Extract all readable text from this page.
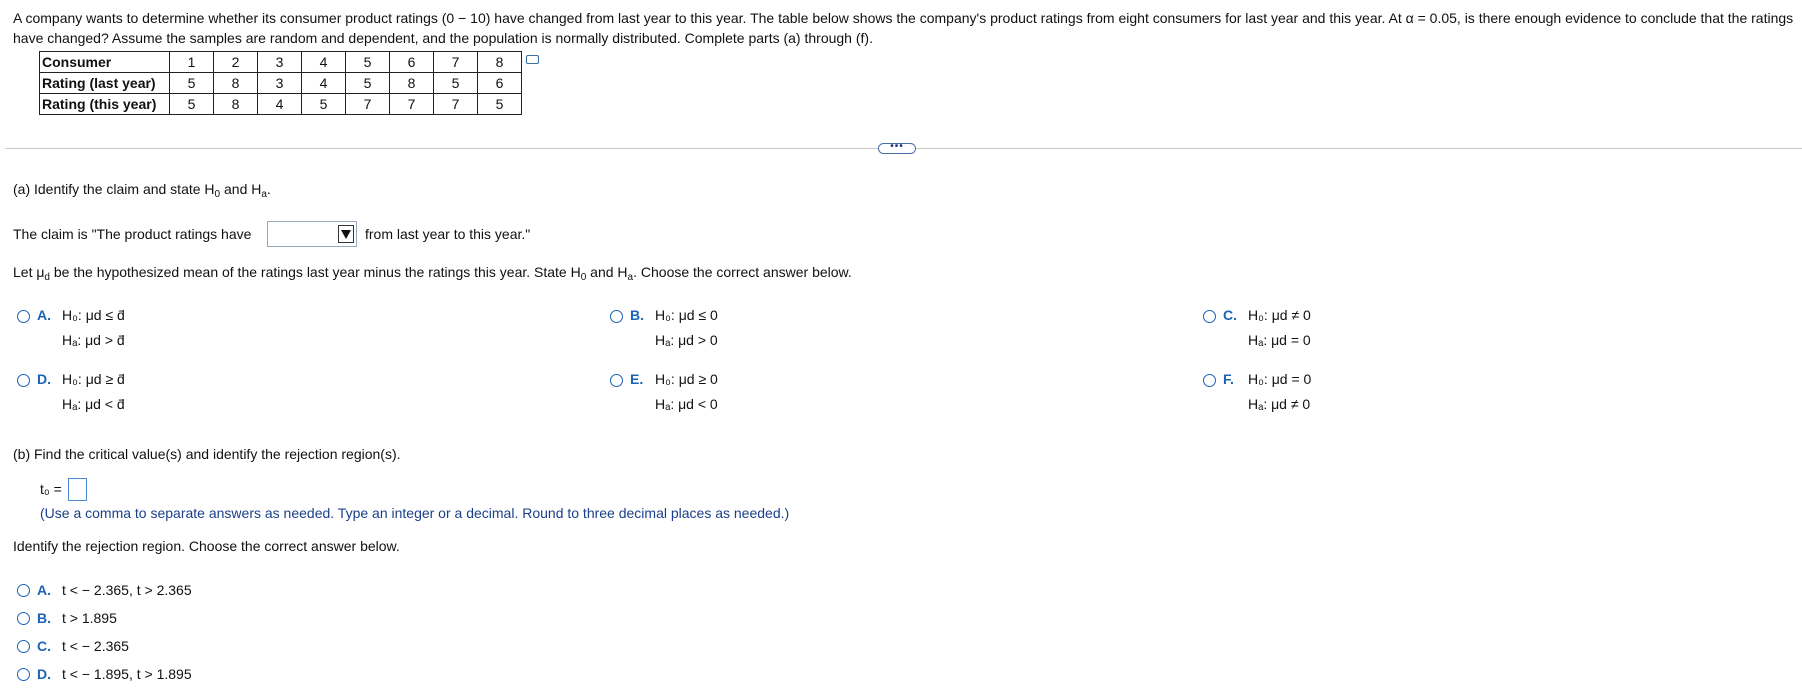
A company wants to determine whether its consumer product ratings (0 − 10) have changed from last year to this year. The table below shows the company's product ratings from eight consumers for last year and this year. At α = 0.05, is there enough evidence to conclude that the ratings have changed? Assume the samples are random and dependent, and the population is normally distributed. Complete parts (a) through (f).
Consumer	1	2	3	4	5	6	7	8
Rating (last year)	5	8	3	4	5	8	5	6
Rating (this year)	5	8	4	5	7	7	7	5
•••
(a) Identify the claim and state $H_0$ and $H_a$.
The claim is "The product ratings have	from last year to this year."
Let $\mu_d$ be the hypothesized mean of the ratings last year minus the ratings this year. State $H_0$ and $H_a$. Choose the correct answer below.
A. H₀: μd ≤ d̄
Hₐ: μd > d̄
B. H₀: μd ≤ 0
Hₐ: μd > 0
C. H₀: μd ≠ 0
Hₐ: μd = 0
D. H₀: μd ≥ d̄
Hₐ: μd < d̄
E. H₀: μd ≥ 0
Hₐ: μd < 0
F. H₀: μd = 0
Hₐ: μd ≠ 0
(b) Find the critical value(s) and identify the rejection region(s).
t₀ =
(Use a comma to separate answers as needed. Type an integer or a decimal. Round to three decimal places as needed.)
Identify the rejection region. Choose the correct answer below.
A. t < − 2.365, t > 2.365
B. t > 1.895
C. t < − 2.365
D. t < − 1.895, t > 1.895
